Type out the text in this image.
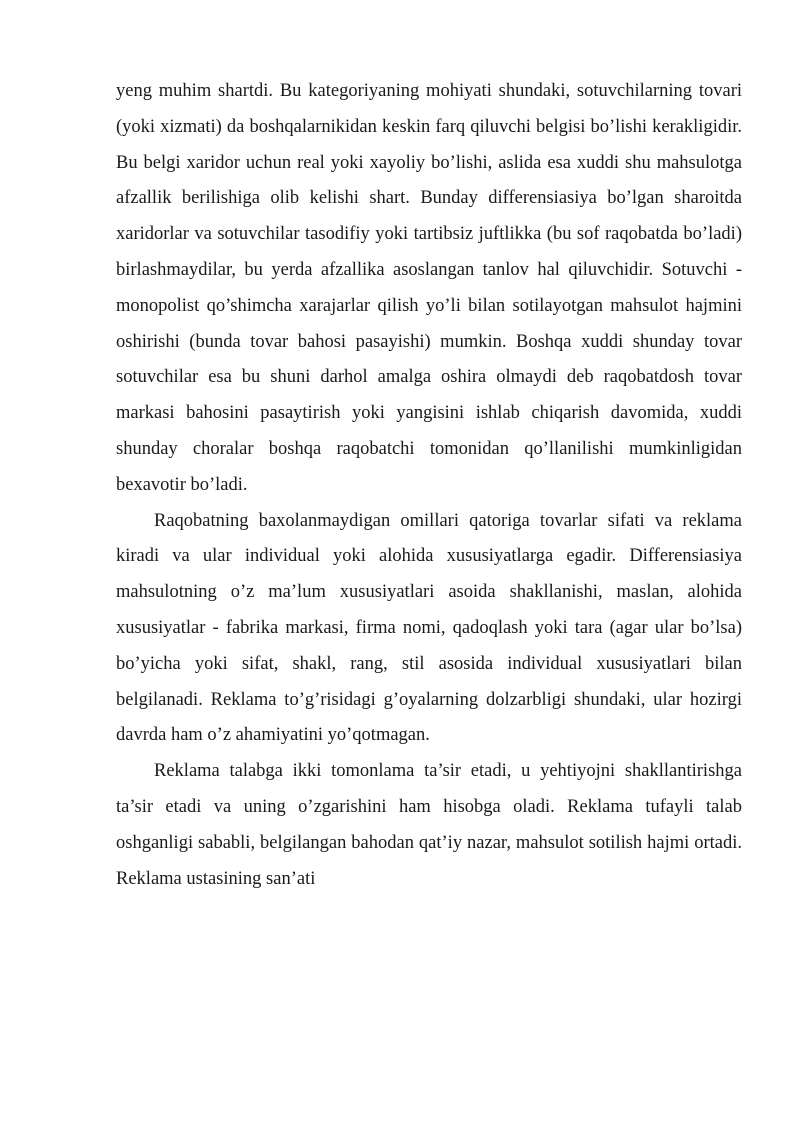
yeng muhim shartdi. Bu kategoriyaning mohiyati shundaki, sotuvchilarning tovari (yoki xizmati) da boshqalarnikidan keskin farq qiluvchi belgisi bo’lishi kerakligidir. Bu belgi xaridor uchun real yoki xayoliy bo’lishi, aslida esa xuddi shu mahsulotga afzallik berilishiga olib kelishi shart. Bunday differensiasiya bo’lgan sharoitda xaridorlar va sotuvchilar tasodifiy yoki tartibsiz juftlikka (bu sof raqobatda bo’ladi) birlashmaydilar, bu yerda afzallika asoslangan tanlov hal qiluvchidir. Sotuvchi - monopolist qo’shimcha xarajarlar qilish yo’li bilan sotilayotgan mahsulot hajmini oshirishi (bunda tovar bahosi pasayishi) mumkin. Boshqa xuddi shunday tovar sotuvchilar esa bu shuni darhol amalga oshira olmaydi deb raqobatdosh tovar markasi bahosini pasaytirish yoki yangisini ishlab chiqarish davomida, xuddi shunday choralar boshqa raqobatchi tomonidan qo’llanilishi mumkinligidan bexavotir bo’ladi.

Raqobatning baxolanmaydigan omillari qatoriga tovarlar sifati va reklama kiradi va ular individual yoki alohida xususiyatlarga egadir. Differensiasiya mahsulotning o’z ma’lum xususiyatlari asoida shakllanishi, maslan, alohida xususiyatlar - fabrika markasi, firma nomi, qadoqlash yoki tara (agar ular bo’lsa) bo’yicha yoki sifat, shakl, rang, stil asosida individual xususiyatlari bilan belgilanadi. Reklama to’g’risidagi g’oyalarning dolzarbligi shundaki, ular hozirgi davrda ham o’z ahamiyatini yo’qotmagan.

Reklama talabga ikki tomonlama ta’sir etadi, u yehtiyojni shakllantirishga ta’sir etadi va uning o’zgarishini ham hisobga oladi. Reklama tufayli talab oshganligi sababli, belgilangan bahodan qat’iy nazar, mahsulot sotilish hajmi ortadi. Reklama ustasining san’ati
